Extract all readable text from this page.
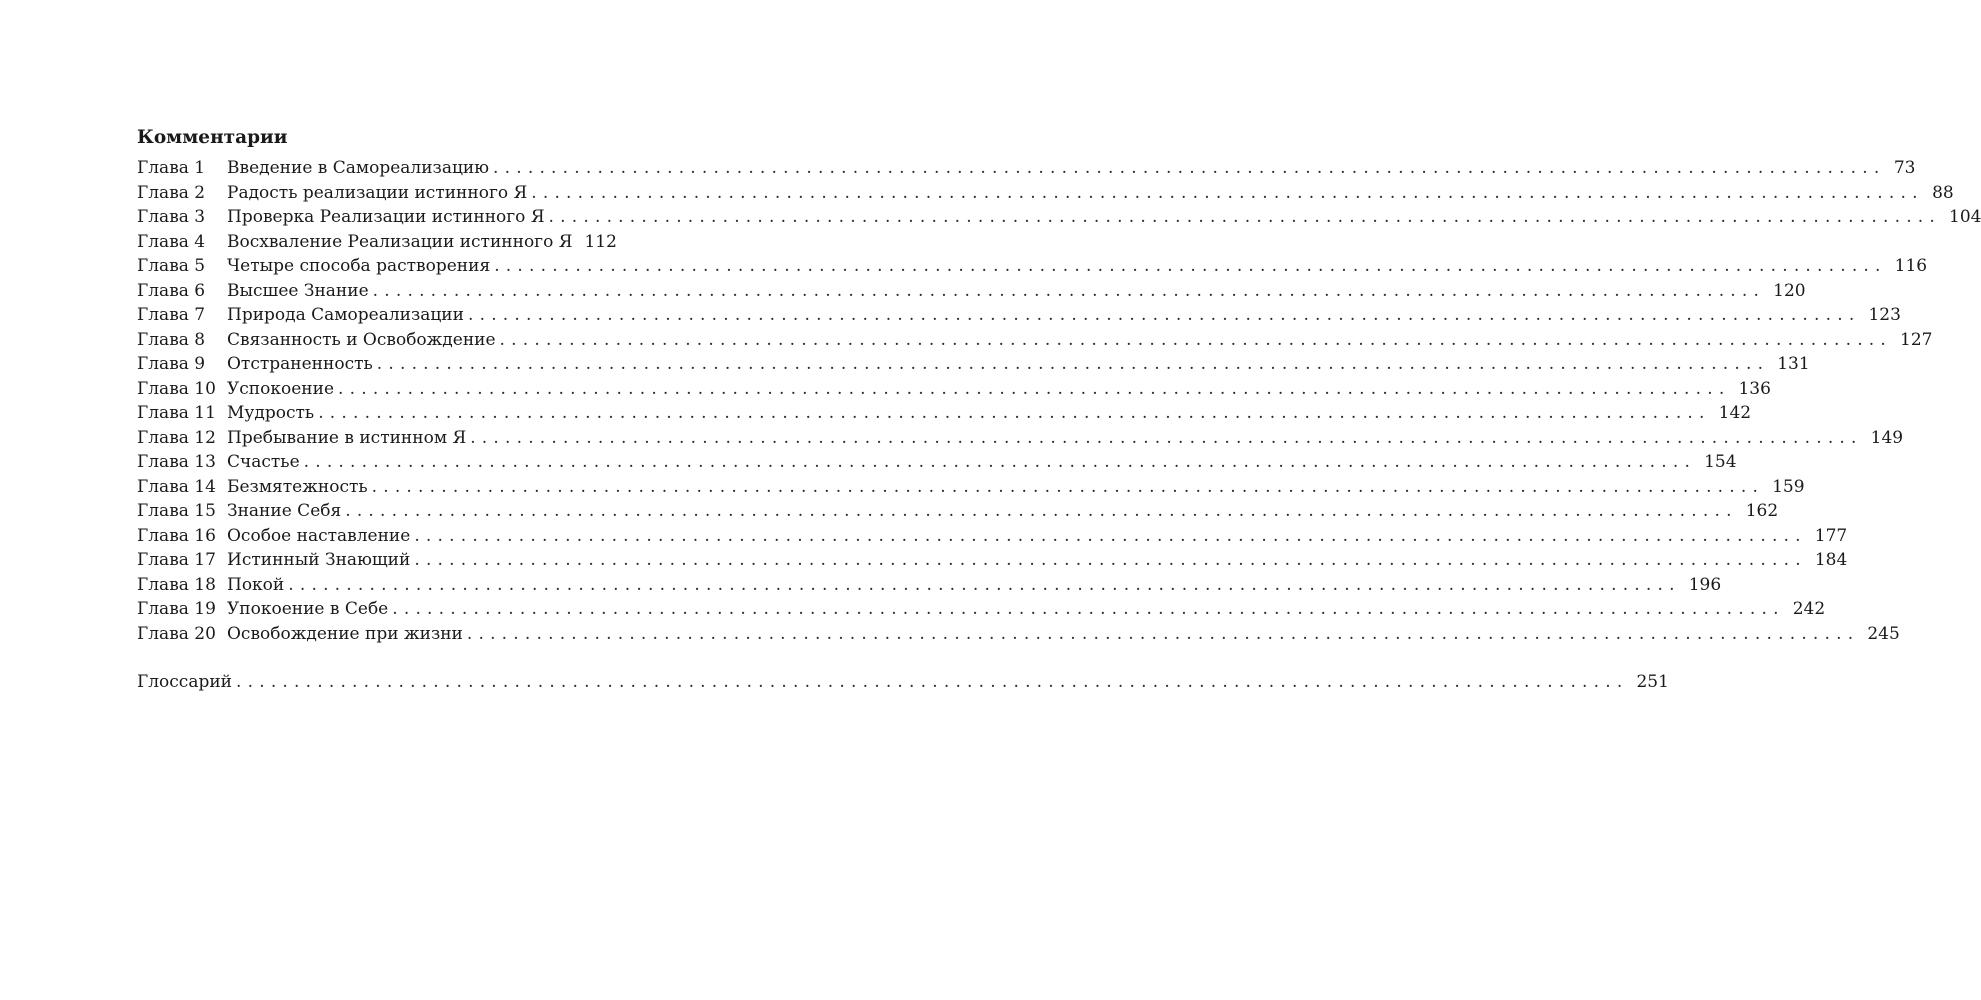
Комментарии
Глава 1	Введение в Самореализацию ........................................................................................................................ 73
Глава 2	Радость реализации истинного Я ........................................................................................................................ 88
Глава 3	Проверка Реализации истинного Я ........................................................................................................................ 104
Глава 4	Восхваление Реализации истинного Я 112
Глава 5	Четыре способа растворения ........................................................................................................................ 116
Глава 6	Высшее Знание ........................................................................................................................ 120
Глава 7	Природа Самореализации ........................................................................................................................ 123
Глава 8	Связанность и Освобождение ........................................................................................................................ 127
Глава 9	Отстраненность ........................................................................................................................ 131
Глава 10 Успокоение ........................................................................................................................ 136
Глава 11 Мудрость ........................................................................................................................ 142
Глава 12 Пребывание в истинном Я ........................................................................................................................ 149
Глава 13 Счастье ........................................................................................................................ 154
Глава 14 Безмятежность ........................................................................................................................ 159
Глава 15 Знание Себя ........................................................................................................................ 162
Глава 16 Особое наставление ........................................................................................................................ 177
Глава 17 Истинный Знающий ........................................................................................................................ 184
Глава 18 Покой ........................................................................................................................ 196
Глава 19 Упокоение в Себе ........................................................................................................................ 242
Глава 20 Освобождение при жизни ........................................................................................................................ 245
Глоссарий ........................................................................................................................ 251
